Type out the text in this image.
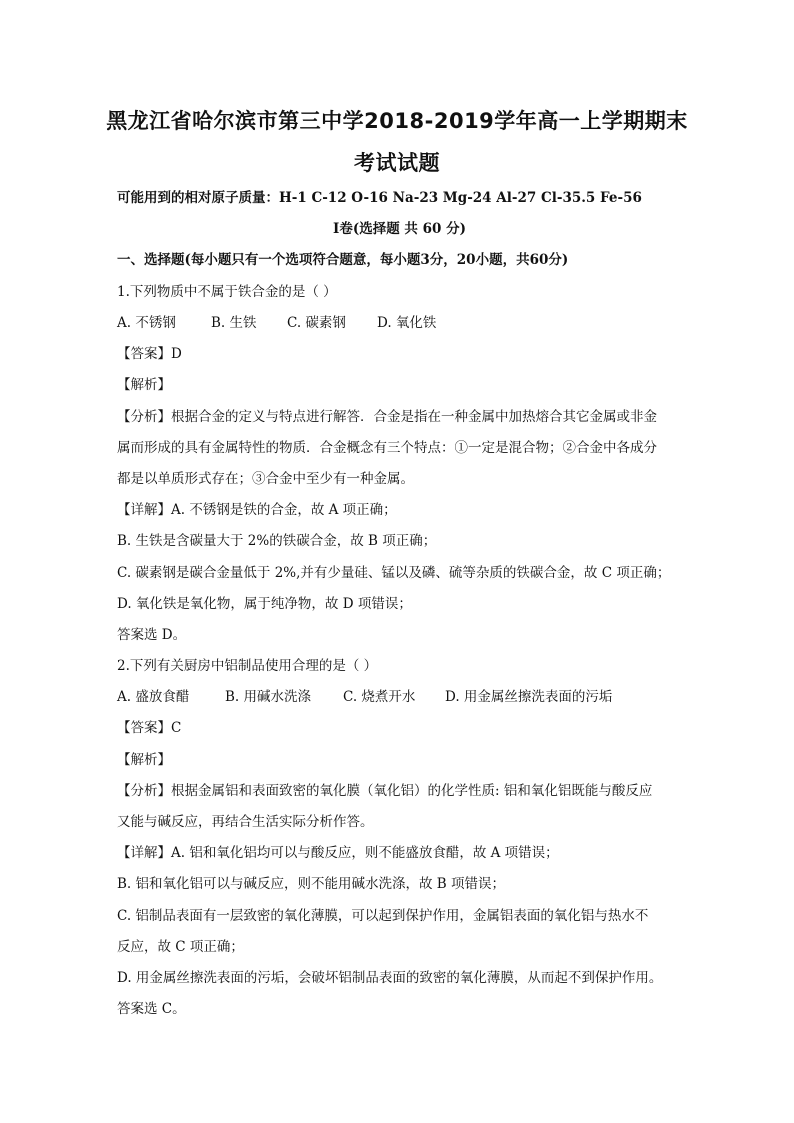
黑龙江省哈尔滨市第三中学2018-2019学年高一上学期期末
考试试题
可能用到的相对原子质量：H-1 C-12 O-16 Na-23 Mg-24 Al-27 Cl-35.5 Fe-56
Ⅰ卷(选择题 共 60 分)
一、选择题(每小题只有一个选项符合题意，每小题3分，20小题，共60分)
1.下列物质中不属于铁合金的是（ ）
A. 不锈钢	B. 生铁 C. 碳素钢 D. 氧化铁
【答案】D
【解析】
【分析】根据合金的定义与特点进行解答．合金是指在一种金属中加热熔合其它金属或非金
属而形成的具有金属特性的物质．合金概念有三个特点：①一定是混合物；②合金中各成分
都是以单质形式存在；③合金中至少有一种金属。
【详解】A. 不锈钢是铁的合金，故 A 项正确；
B. 生铁是含碳量大于 2%的铁碳合金，故 B 项正确；
C. 碳素钢是碳合金量低于 2%,并有少量硅、锰以及磷、硫等杂质的铁碳合金，故 C 项正确；
D. 氧化铁是氧化物，属于纯净物，故 D 项错误；
答案选 D。
2.下列有关厨房中铝制品使用合理的是（ ）
A. 盛放食醋	B. 用碱水洗涤 C. 烧煮开水 D. 用金属丝擦洗表面的污垢
【答案】C
【解析】
【分析】根据金属铝和表面致密的氧化膜（氧化铝）的化学性质: 铝和氧化铝既能与酸反应
又能与碱反应，再结合生活实际分析作答。
【详解】A. 铝和氧化铝均可以与酸反应，则不能盛放食醋，故 A 项错误；
B. 铝和氧化铝可以与碱反应，则不能用碱水洗涤，故 B 项错误；
C. 铝制品表面有一层致密的氧化薄膜，可以起到保护作用，金属铝表面的氧化铝与热水不
反应，故 C 项正确；
D. 用金属丝擦洗表面的污垢，会破坏铝制品表面的致密的氧化薄膜，从而起不到保护作用。
答案选 C。
